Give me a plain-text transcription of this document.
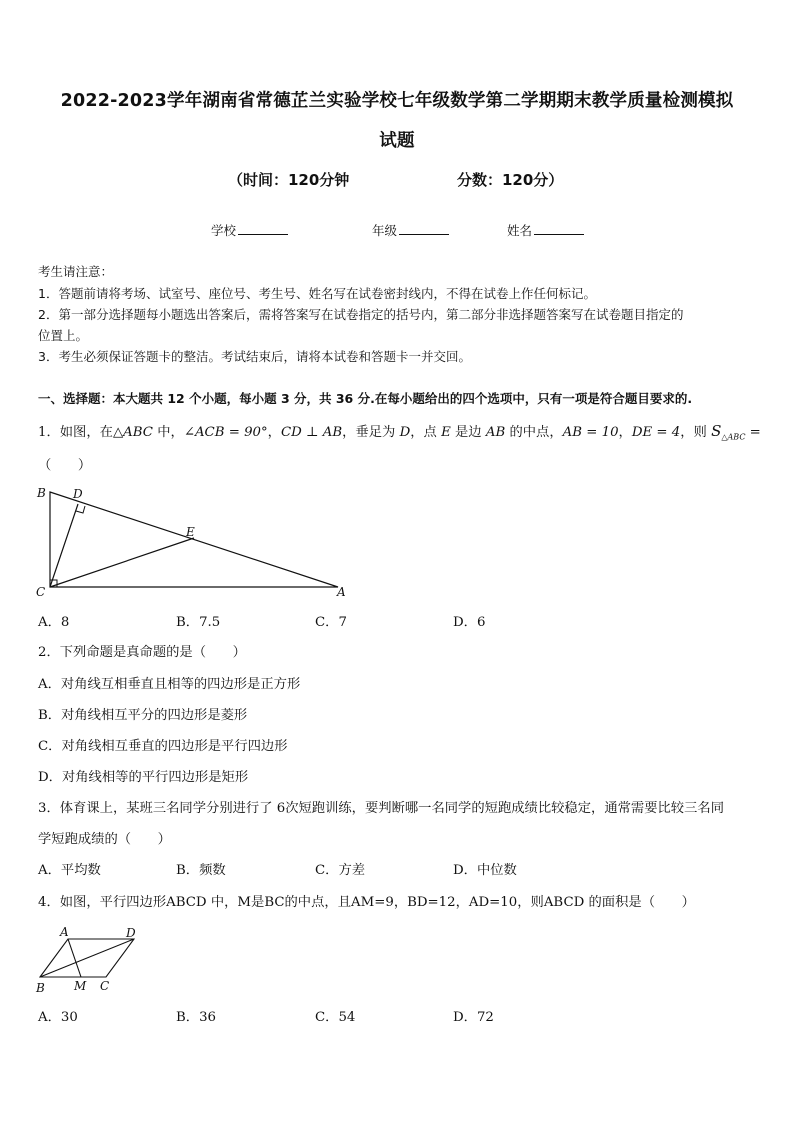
2022-2023学年湖南省常德芷兰实验学校七年级数学第二学期期末教学质量检测模拟
试题
（时间：120分钟	分数：120分）
学校	年级	姓名
考生请注意：
1．答题前请将考场、试室号、座位号、考生号、姓名写在试卷密封线内，不得在试卷上作任何标记。
2．第一部分选择题每小题选出答案后，需将答案写在试卷指定的括号内，第二部分非选择题答案写在试卷题目指定的
位置上。
3．考生必须保证答题卡的整洁。考试结束后，请将本试卷和答题卡一并交回。
一、选择题：本大题共 12 个小题，每小题 3 分，共 36 分.在每小题给出的四个选项中，只有一项是符合题目要求的.
1．如图，在△ABC 中，∠ACB = 90°，CD ⊥ AB，垂足为 D，点 E 是边 AB 的中点，AB = 10，DE = 4，则 $S_{\triangle ABC}$ =
（　　）
B D
E
C	A
A．8	B．7.5	C．7	D．6
2．下列命题是真命题的是（　　）
A．对角线互相垂直且相等的四边形是正方形
B．对角线相互平分的四边形是菱形
C．对角线相互垂直的四边形是平行四边形
D．对角线相等的平行四边形是矩形
3．体育课上，某班三名同学分别进行了 6次短跑训练，要判断哪一名同学的短跑成绩比较稳定，通常需要比较三名同
学短跑成绩的（　　）
A．平均数	B．频数	C．方差	D．中位数
4．如图，平行四边形ABCD 中，M是BC的中点，且AM=9，BD=12，AD=10，则ABCD 的面积是（　　）
A	D
B M C
A．30	B．36	C．54	D．72
